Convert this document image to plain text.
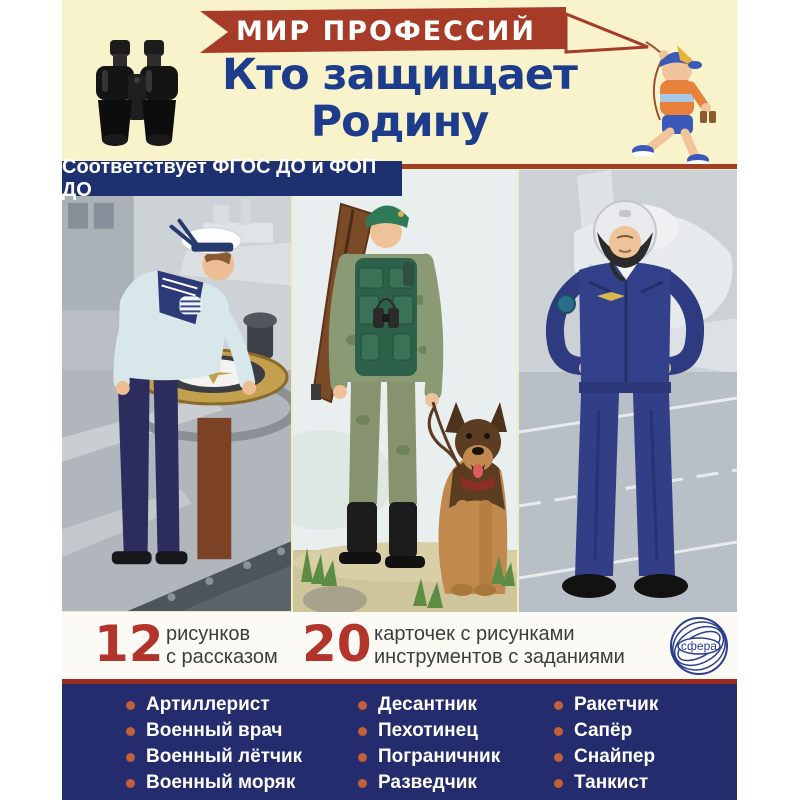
МИР ПРОФЕССИЙ
Кто защищает
Родину
Соответствует ФГОС ДО и ФОП ДО
12 рисунков
с рассказом 20 карточек с рисунками
инструментов с заданиями	сфера
Артиллерист
Военный врач
Военный лётчик
Военный моряк
Десантник
Пехотинец
Пограничник
Разведчик
Ракетчик
Сапёр
Снайпер
Танкист
